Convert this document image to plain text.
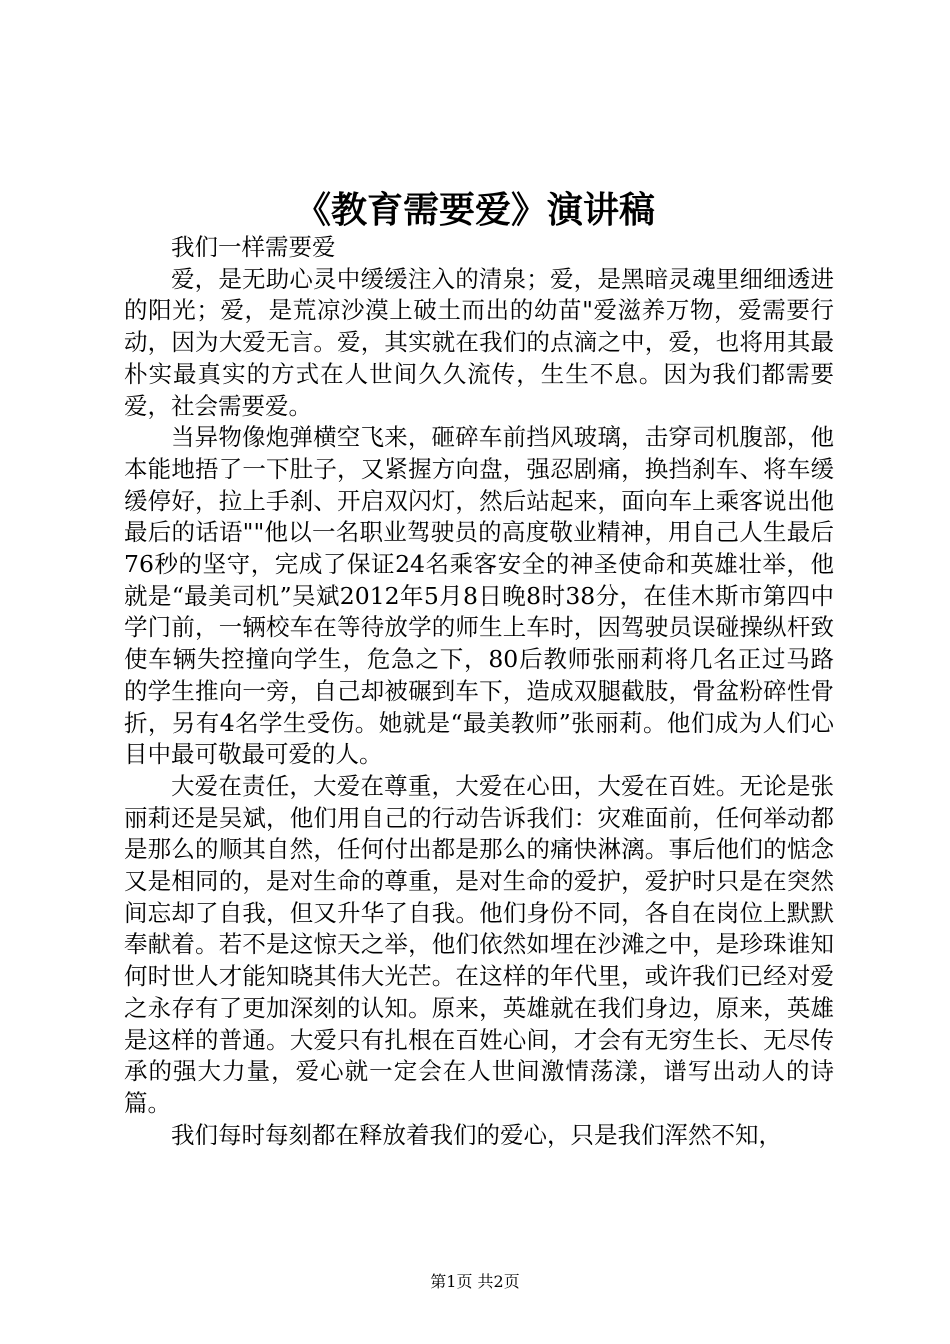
《教育需要爱》演讲稿

我们一样需要爱

爱，是无助心灵中缓缓注入的清泉；爱，是黑暗灵魂里细细透进的阳光；爱，是荒凉沙漠上破土而出的幼苗"爱滋养万物，爱需要行动，因为大爱无言。爱，其实就在我们的点滴之中，爱，也将用其最朴实最真实的方式在人世间久久流传，生生不息。因为我们都需要爱，社会需要爱。

当异物像炮弹横空飞来，砸碎车前挡风玻璃，击穿司机腹部，他本能地捂了一下肚子，又紧握方向盘，强忍剧痛，换挡刹车、将车缓缓停好，拉上手刹、开启双闪灯，然后站起来，面向车上乘客说出他最后的话语""他以一名职业驾驶员的高度敬业精神，用自己人生最后76秒的坚守，完成了保证24名乘客安全的神圣使命和英雄壮举，他就是“最美司机”吴斌2012年5月8日晚8时38分，在佳木斯市第四中学门前，一辆校车在等待放学的师生上车时，因驾驶员误碰操纵杆致使车辆失控撞向学生，危急之下，80后教师张丽莉将几名正过马路的学生推向一旁，自己却被碾到车下，造成双腿截肢，骨盆粉碎性骨折，另有4名学生受伤。她就是“最美教师”张丽莉。他们成为人们心目中最可敬最可爱的人。

大爱在责任，大爱在尊重，大爱在心田，大爱在百姓。无论是张丽莉还是吴斌，他们用自己的行动告诉我们：灾难面前，任何举动都是那么的顺其自然，任何付出都是那么的痛快淋漓。事后他们的惦念又是相同的，是对生命的尊重，是对生命的爱护，爱护时只是在突然间忘却了自我，但又升华了自我。他们身份不同，各自在岗位上默默奉献着。若不是这惊天之举，他们依然如埋在沙滩之中，是珍珠谁知何时世人才能知晓其伟大光芒。在这样的年代里，或许我们已经对爱之永存有了更加深刻的认知。原来，英雄就在我们身边，原来，英雄是这样的普通。大爱只有扎根在百姓心间，才会有无穷生长、无尽传承的强大力量，爱心就一定会在人世间激情荡漾，谱写出动人的诗篇。

我们每时每刻都在释放着我们的爱心，只是我们浑然不知，

第1页 共2页
